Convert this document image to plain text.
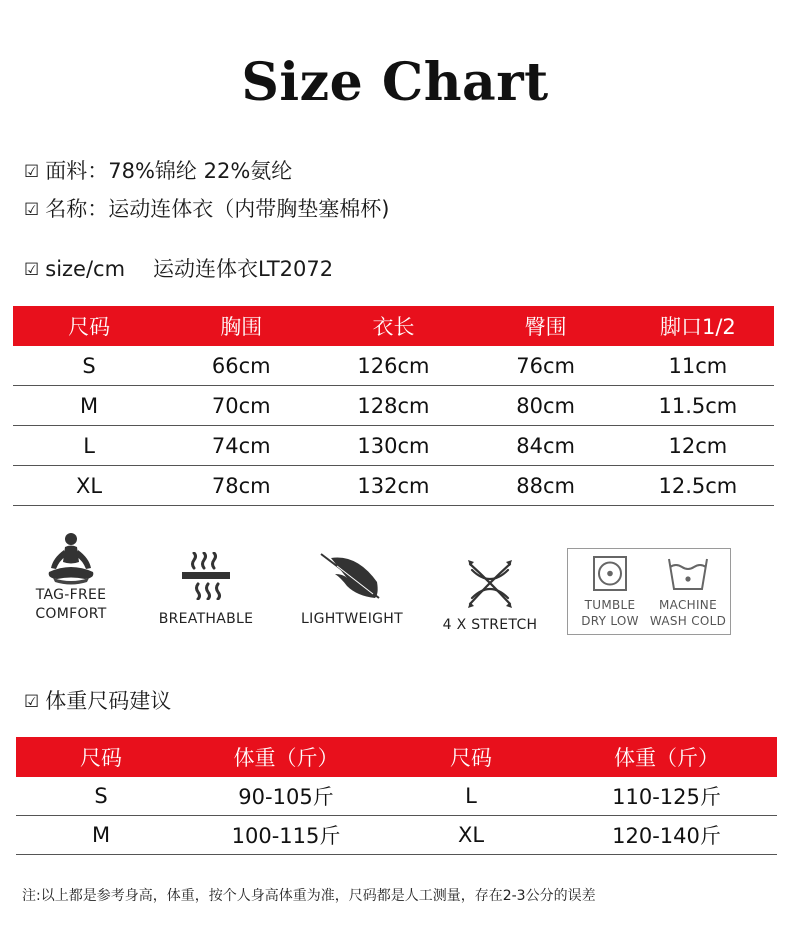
Size Chart
☑ 面料：78%锦纶 22%氨纶
☑ 名称：运动连体衣（内带胸垫塞棉杯)
☑ size/cm 运动连体衣LT2072
尺码	胸围	衣长	臀围	脚口1/2
S	66cm	126cm	76cm	11cm
M	70cm	128cm	80cm	11.5cm
L	74cm	130cm	84cm	12cm
XL	78cm	132cm	88cm	12.5cm
TAG-FREE
COMFORT	BREATHABLE	LIGHTWEIGHT	4 X STRETCH
TUMBLE
DRY LOW
MACHINE
WASH COLD
☑ 体重尺码建议
尺码	体重（斤）	尺码	体重（斤）
S	90-105斤	L	110-125斤
M	100-115斤	XL	120-140斤
注:以上都是参考身高，体重，按个人身高体重为准，尺码都是人工测量，存在2-3公分的误差
